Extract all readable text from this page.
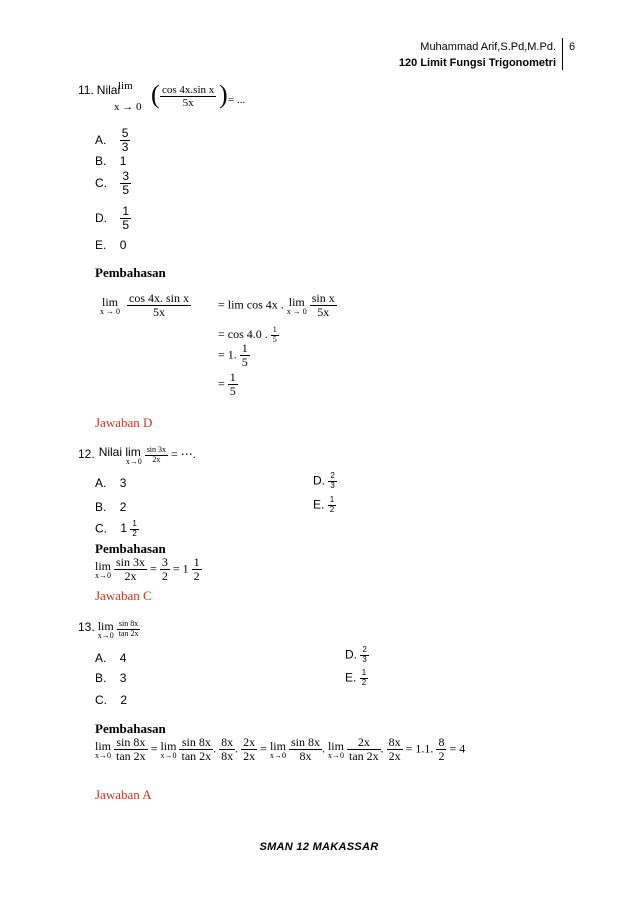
Muhammad Arif,S.Pd,M.Pd.
120 Limit Fungsi Trigonometri
6
11. Nilai
lim
x → 0 ( $\frac{\text{cos 4x.sin x}}{5x}$ ) = ...
A. $\frac{5}{3}$
B. 1
C. $\frac{3}{5}$
D. $\frac{1}{5}$
E. 0
Pembahasan
lim
x → 0
$\frac{\text{cos 4x. sin x}}{5x} = \lim \cos 4x$ . lim
x → 0
$\frac{\text{sin x}}{5x}$
= cos 4.0 . $\frac{1}{5}$
= 1. $\frac{1}{5}$
= $\frac{1}{5}$
Jawaban D
12. Nilai lim
x→0
$\frac{\sin 3x}{2x}$ = ⋯.
A. 3
B. 2
C. $1 \frac{1}{2}$
D. $\frac{2}{3}$
E. $\frac{1}{2}$
Pembahasan
lim
x→0
$\frac{\sin 3x}{2x} = \frac{3}{2} = 1 \frac{1}{2}$
Jawaban C
13. lim
x→0
$\frac{\sin 8x}{\tan 2x}$
A. 4
B. 3
C. 2
D. $\frac{2}{3}$
E. $\frac{1}{2}$
Pembahasan
lim
x→0
$\frac{\sin 8x}{\tan 2x} = \lim$
x→0
$\frac{\sin 8x}{\tan 2x}$ . $\frac{8x}{8x}$ . $\frac{2x}{2x} = \lim$
x→0
$\frac{\sin 8x}{8x}$ . lim
x→0
$\frac{2x}{\tan 2x}$ . $\frac{8x}{2x} = 1.1$. $\frac{8}{2} = 4$
Jawaban A
SMAN 12 MAKASSAR
